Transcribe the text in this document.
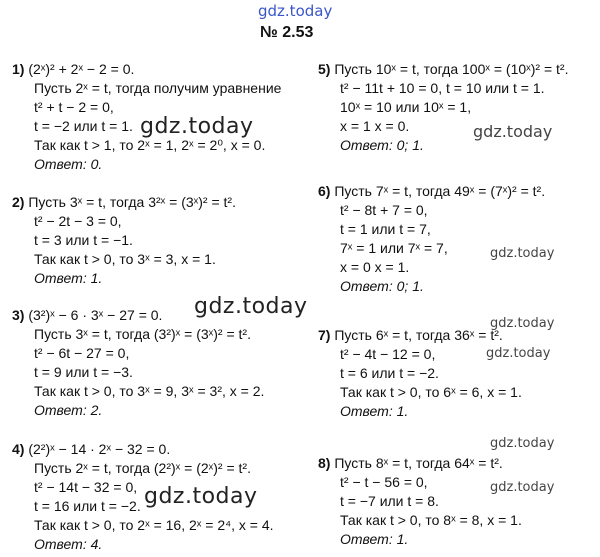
gdz.today
№ 2.53
1) (2ˣ)² + 2ˣ − 2 = 0.
Пусть 2ˣ = t, тогда получим уравнение
t² + t − 2 = 0,
t = −2 или t = 1.
Так как t > 1, то 2ˣ = 1, 2ˣ = 2⁰, x = 0.
Ответ: 0.
2) Пусть 3ˣ = t, тогда 3²ˣ = (3ˣ)² = t².
t² − 2t − 3 = 0,
t = 3 или t = −1.
Так как t > 0, то 3ˣ = 3, x = 1.
Ответ: 1.
3) (3²)ˣ − 6 · 3ˣ − 27 = 0.
Пусть 3ˣ = t, тогда (3²)ˣ = (3ˣ)² = t².
t² − 6t − 27 = 0,
t = 9 или t = −3.
Так как t > 0, то 3ˣ = 9, 3ˣ = 3², x = 2.
Ответ: 2.
4) (2²)ˣ − 14 · 2ˣ − 32 = 0.
Пусть 2ˣ = t, тогда (2²)ˣ = (2ˣ)² = t².
t² − 14t − 32 = 0,
t = 16 или t = −2.
Так как t > 0, то 2ˣ = 16, 2ˣ = 2⁴, x = 4.
Ответ: 4.
5) Пусть 10ˣ = t, тогда 100ˣ = (10ˣ)² = t².
t² − 11t + 10 = 0, t = 10 или t = 1.
10ˣ = 10 или 10ˣ = 1,
x = 1 x = 0.
Ответ: 0; 1.
6) Пусть 7ˣ = t, тогда 49ˣ = (7ˣ)² = t².
t² − 8t + 7 = 0,
t = 1 или t = 7,
7ˣ = 1 или 7ˣ = 7,
x = 0 x = 1.
Ответ: 0; 1.
7) Пусть 6ˣ = t, тогда 36ˣ = t².
t² − 4t − 12 = 0,
t = 6 или t = −2.
Так как t > 0, то 6ˣ = 6, x = 1.
Ответ: 1.
8) Пусть 8ˣ = t, тогда 64ˣ = t².
t² − t − 56 = 0,
t = −7 или t = 8.
Так как t > 0, то 8ˣ = 8, x = 1.
Ответ: 1.
gdz.today	gdz.today
gdz.today
gdz.today
gdz.today
gdz.today
gdz.today
gdz.today	gdz.today
